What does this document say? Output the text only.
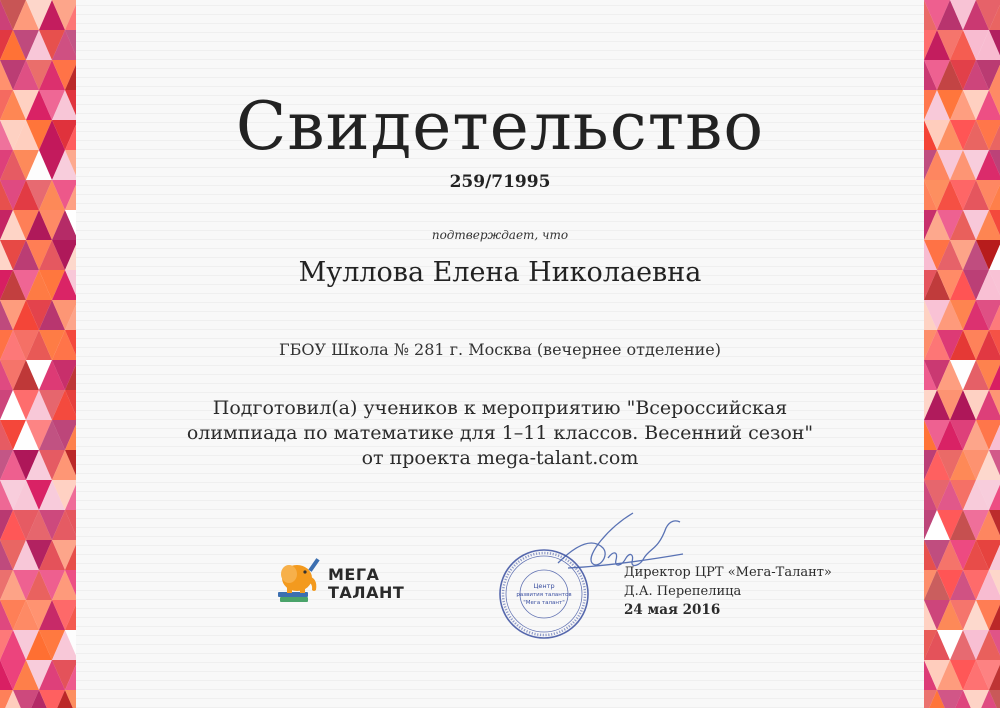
Свидетельство
259/71995
подтверждает, что
Муллова Елена Николаевна
ГБОУ Школа № 281 г. Москва (вечернее отделение)
Подготовил(а) учеников к мероприятию "Всероссийская олимпиада по математике для 1–11 классов. Весенний сезон" от проекта mega-talant.com
МЕГА
ТАЛАНТ	Центр
развития талантов
"Мега талант"
Директор ЦРТ «Мега-Талант»
Д.А. Перепелица
24 мая 2016
